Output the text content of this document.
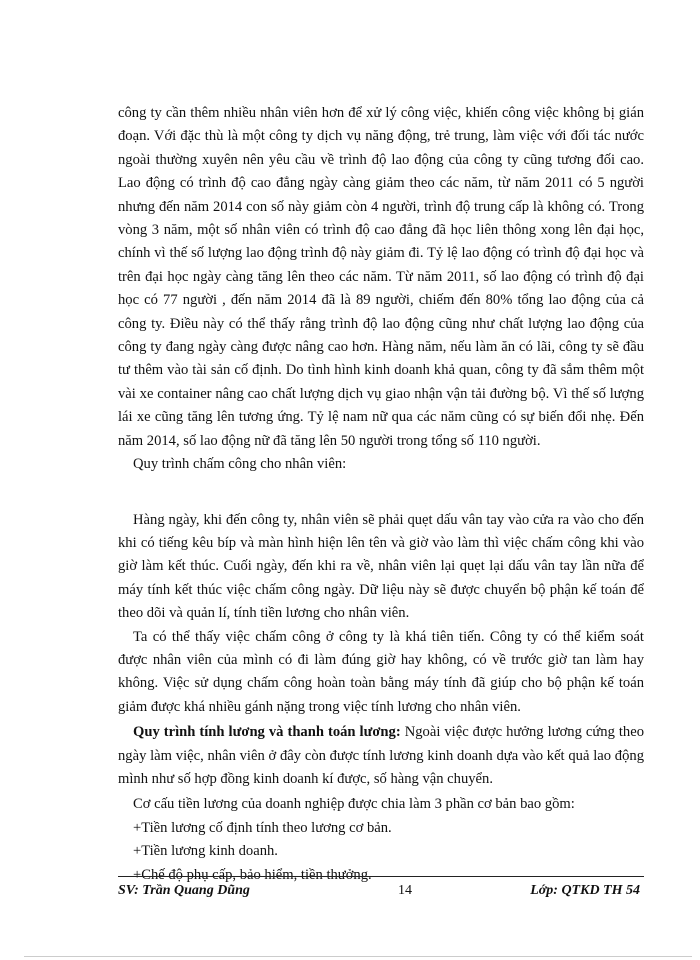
công ty cần thêm nhiều nhân viên hơn để xử lý công việc, khiến công việc không bị gián đoạn. Với đặc thù là một công ty dịch vụ năng động, trẻ trung, làm việc với đối tác nước ngoài thường xuyên nên yêu cầu về trình độ lao động của công ty cũng tương đối cao. Lao động có trình độ cao đẳng ngày càng giảm theo các năm, từ năm 2011 có 5 người nhưng đến năm 2014 con số này giảm còn 4 người, trình độ trung cấp là không có. Trong vòng 3 năm, một số nhân viên có trình độ cao đẳng đã học liên thông xong lên đại học, chính vì thế số lượng lao động trình độ này giảm đi. Tỷ lệ lao động có trình độ đại học và trên đại học ngày càng tăng lên theo các năm. Từ năm 2011, số lao động có trình độ đại học có 77 người , đến năm 2014 đã là 89 người, chiếm đến 80% tổng lao động của cả công ty. Điều này có thể thấy rằng trình độ lao động cũng như chất lượng lao động của công ty đang ngày càng được nâng cao hơn. Hàng năm, nếu làm ăn có lãi, công ty sẽ đầu tư thêm vào tài sản cố định. Do tình hình kinh doanh khả quan, công ty đã sắm thêm một vài xe container nâng cao chất lượng dịch vụ giao nhận vận tải đường bộ. Vì thế số lượng lái xe cũng tăng lên tương ứng. Tỷ lệ nam nữ qua các năm cũng có sự biến đổi nhẹ. Đến năm 2014, số lao động nữ đã tăng lên 50 người trong tổng số 110 người.

Quy trình chấm công cho nhân viên:

Hàng ngày, khi đến công ty, nhân viên sẽ phải quẹt dấu vân tay vào cửa ra vào cho đến khi có tiếng kêu bíp và màn hình hiện lên tên và giờ vào làm thì việc chấm công khi vào giờ làm kết thúc. Cuối ngày, đến khi ra về, nhân viên lại quẹt lại dấu vân tay lần nữa để máy tính kết thúc việc chấm công ngày. Dữ liệu này sẽ được chuyển bộ phận kế toán để theo dõi và quản lí, tính tiền lương cho nhân viên.

Ta có thể thấy việc chấm công ở công ty là khá tiên tiến. Công ty có thể kiểm soát được nhân viên của mình có đi làm đúng giờ hay không, có về trước giờ tan làm hay không. Việc sử dụng chấm công hoàn toàn bằng máy tính đã giúp cho bộ phận kế toán giảm được khá nhiều gánh nặng trong việc tính lương cho nhân viên.

Quy trình tính lương và thanh toán lương: Ngoài việc được hưởng lương cứng theo ngày làm việc, nhân viên ở đây còn được tính lương kinh doanh dựa vào kết quả lao động mình như số hợp đồng kinh doanh kí được, số hàng vận chuyển.

Cơ cấu tiền lương của doanh nghiệp được chia làm 3 phần cơ bản bao gồm:

+Tiền lương cố định tính theo lương cơ bản.

+Tiền lương kinh doanh.

+Chế độ phụ cấp, bảo hiểm, tiền thưởng.

SV: Trần Quang Dũng	14	Lớp: QTKD TH 54
